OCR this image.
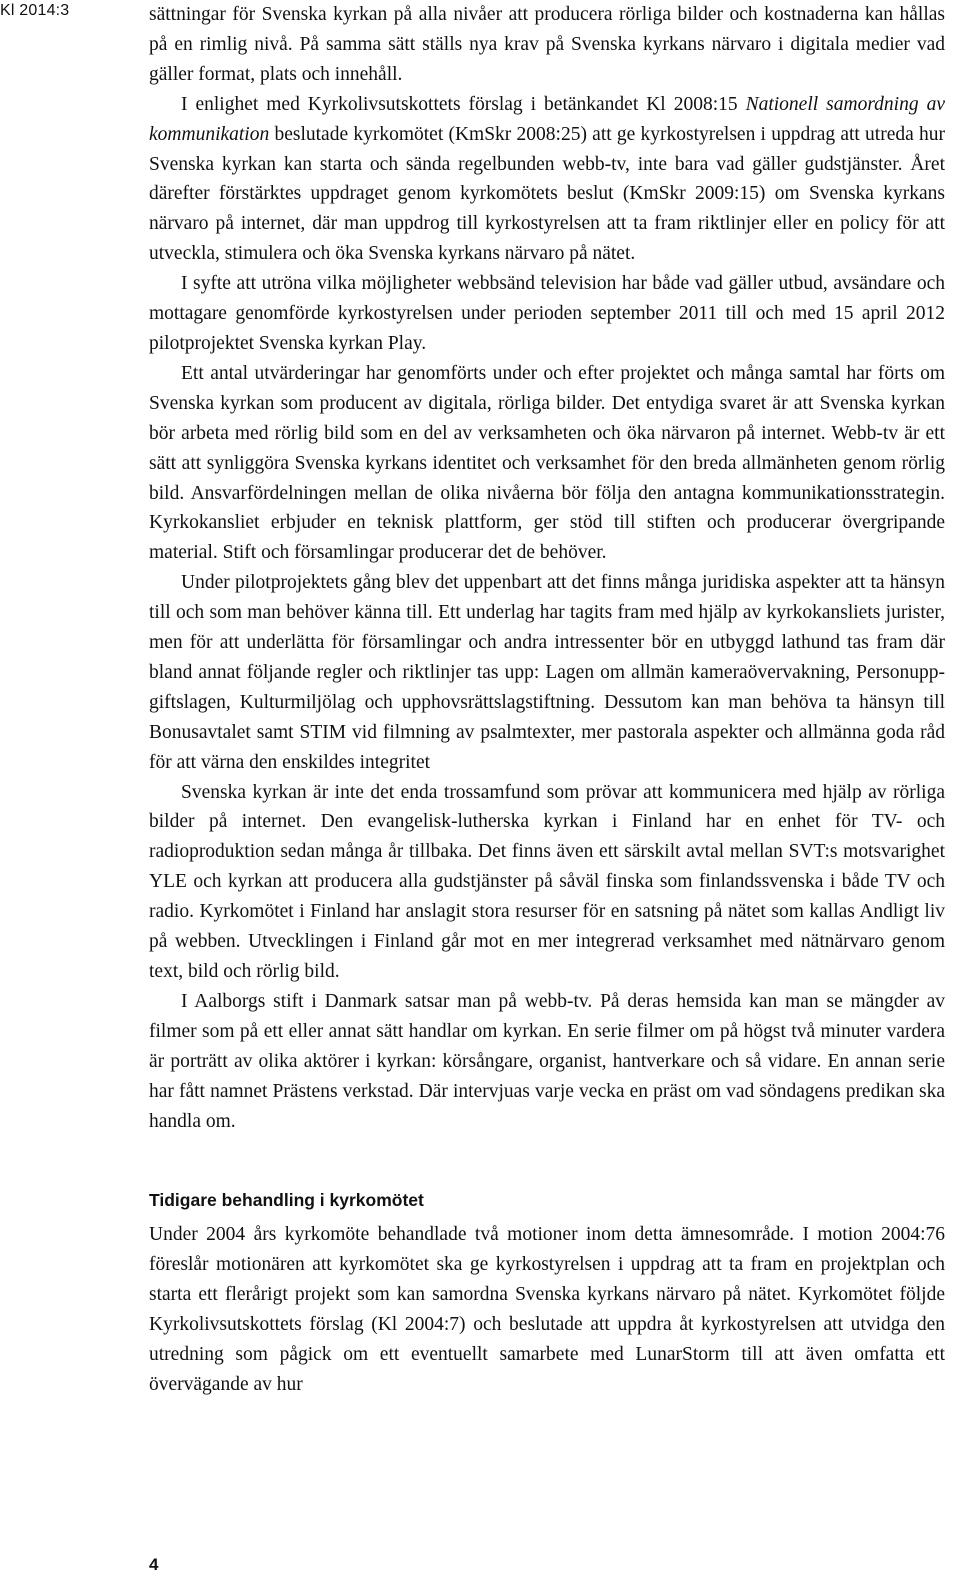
Kl 2014:3	sättningar för Svenska kyrkan på alla nivåer att producera rörliga bilder och kostnaderna kan hållas på en rimlig nivå. På samma sätt ställs nya krav på Svenska kyrkans närvaro i digitala medier vad gäller format, plats och innehåll.

I enlighet med Kyrkolivsutskottets förslag i betänkandet Kl 2008:15 Nationell samordning av kommunikation beslutade kyrkomötet (KmSkr 2008:25) att ge kyrkostyrelsen i uppdrag att utreda hur Svenska kyrkan kan starta och sända regelbunden webb-tv, inte bara vad gäller gudstjänster. Året därefter förstärktes uppdraget genom kyrkomötets beslut (KmSkr 2009:15) om Svenska kyrkans närvaro på internet, där man uppdrog till kyrkostyrelsen att ta fram riktlinjer eller en policy för att utveckla, stimulera och öka Svenska kyrkans närvaro på nätet.

I syfte att utröna vilka möjligheter webbsänd television har både vad gäller utbud, avsändare och mottagare genomförde kyrkostyrelsen under perioden september 2011 till och med 15 april 2012 pilotprojektet Svenska kyrkan Play.

Ett antal utvärderingar har genomförts under och efter projektet och många samtal har förts om Svenska kyrkan som producent av digitala, rörliga bilder. Det entydiga svaret är att Svenska kyrkan bör arbeta med rörlig bild som en del av verksamheten och öka närvaron på internet. Webb-tv är ett sätt att synliggöra Svenska kyrkans identitet och verksamhet för den breda allmänheten genom rörlig bild. Ansvarfördelningen mellan de olika nivåerna bör följa den antagna kommunikationsstrategin. Kyrkokansliet erbjuder en teknisk plattform, ger stöd till stiften och producerar övergripande material. Stift och församlingar producerar det de behöver.

Under pilotprojektets gång blev det uppenbart att det finns många juridiska aspekter att ta hänsyn till och som man behöver känna till. Ett underlag har tagits fram med hjälp av kyrkokansliets jurister, men för att underlätta för församlingar och andra intressenter bör en utbyggd lathund tas fram där bland annat följande regler och riktlinjer tas upp: Lagen om allmän kameraövervakning, Personuppgiftslagen, Kulturmiljölag och upphovsrättslagstiftning. Dessutom kan man behöva ta hänsyn till Bonusavtalet samt STIM vid filmning av psalmtexter, mer pastorala aspekter och allmänna goda råd för att värna den enskildes integritet

Svenska kyrkan är inte det enda trossamfund som prövar att kommunicera med hjälp av rörliga bilder på internet. Den evangelisk-lutherska kyrkan i Finland har en enhet för TV- och radioproduktion sedan många år tillbaka. Det finns även ett särskilt avtal mellan SVT:s motsvarighet YLE och kyrkan att producera alla gudstjänster på såväl finska som finlandssvenska i både TV och radio. Kyrkomötet i Finland har anslagit stora resurser för en satsning på nätet som kallas Andligt liv på webben. Utvecklingen i Finland går mot en mer integrerad verksamhet med nätnärvaro genom text, bild och rörlig bild.

I Aalborgs stift i Danmark satsar man på webb-tv. På deras hemsida kan man se mängder av filmer som på ett eller annat sätt handlar om kyrkan. En serie filmer om på högst två minuter vardera är porträtt av olika aktörer i kyrkan: körsångare, organist, hantverkare och så vidare. En annan serie har fått namnet Prästens verkstad. Där intervjuas varje vecka en präst om vad söndagens predikan ska handla om.

Tidigare behandling i kyrkomötet

Under 2004 års kyrkomöte behandlade två motioner inom detta ämnesområde. I motion 2004:76 föreslår motionären att kyrkomötet ska ge kyrkostyrelsen i uppdrag att ta fram en projektplan och starta ett flerårigt projekt som kan samordna Svenska kyrkans närvaro på nätet. Kyrkomötet följde Kyrkolivsutskottets förslag (Kl 2004:7) och beslutade att uppdra åt kyrkostyrelsen att utvidga den utredning som pågick om ett eventuellt samarbete med LunarStorm till att även omfatta ett övervägande av hur

4
